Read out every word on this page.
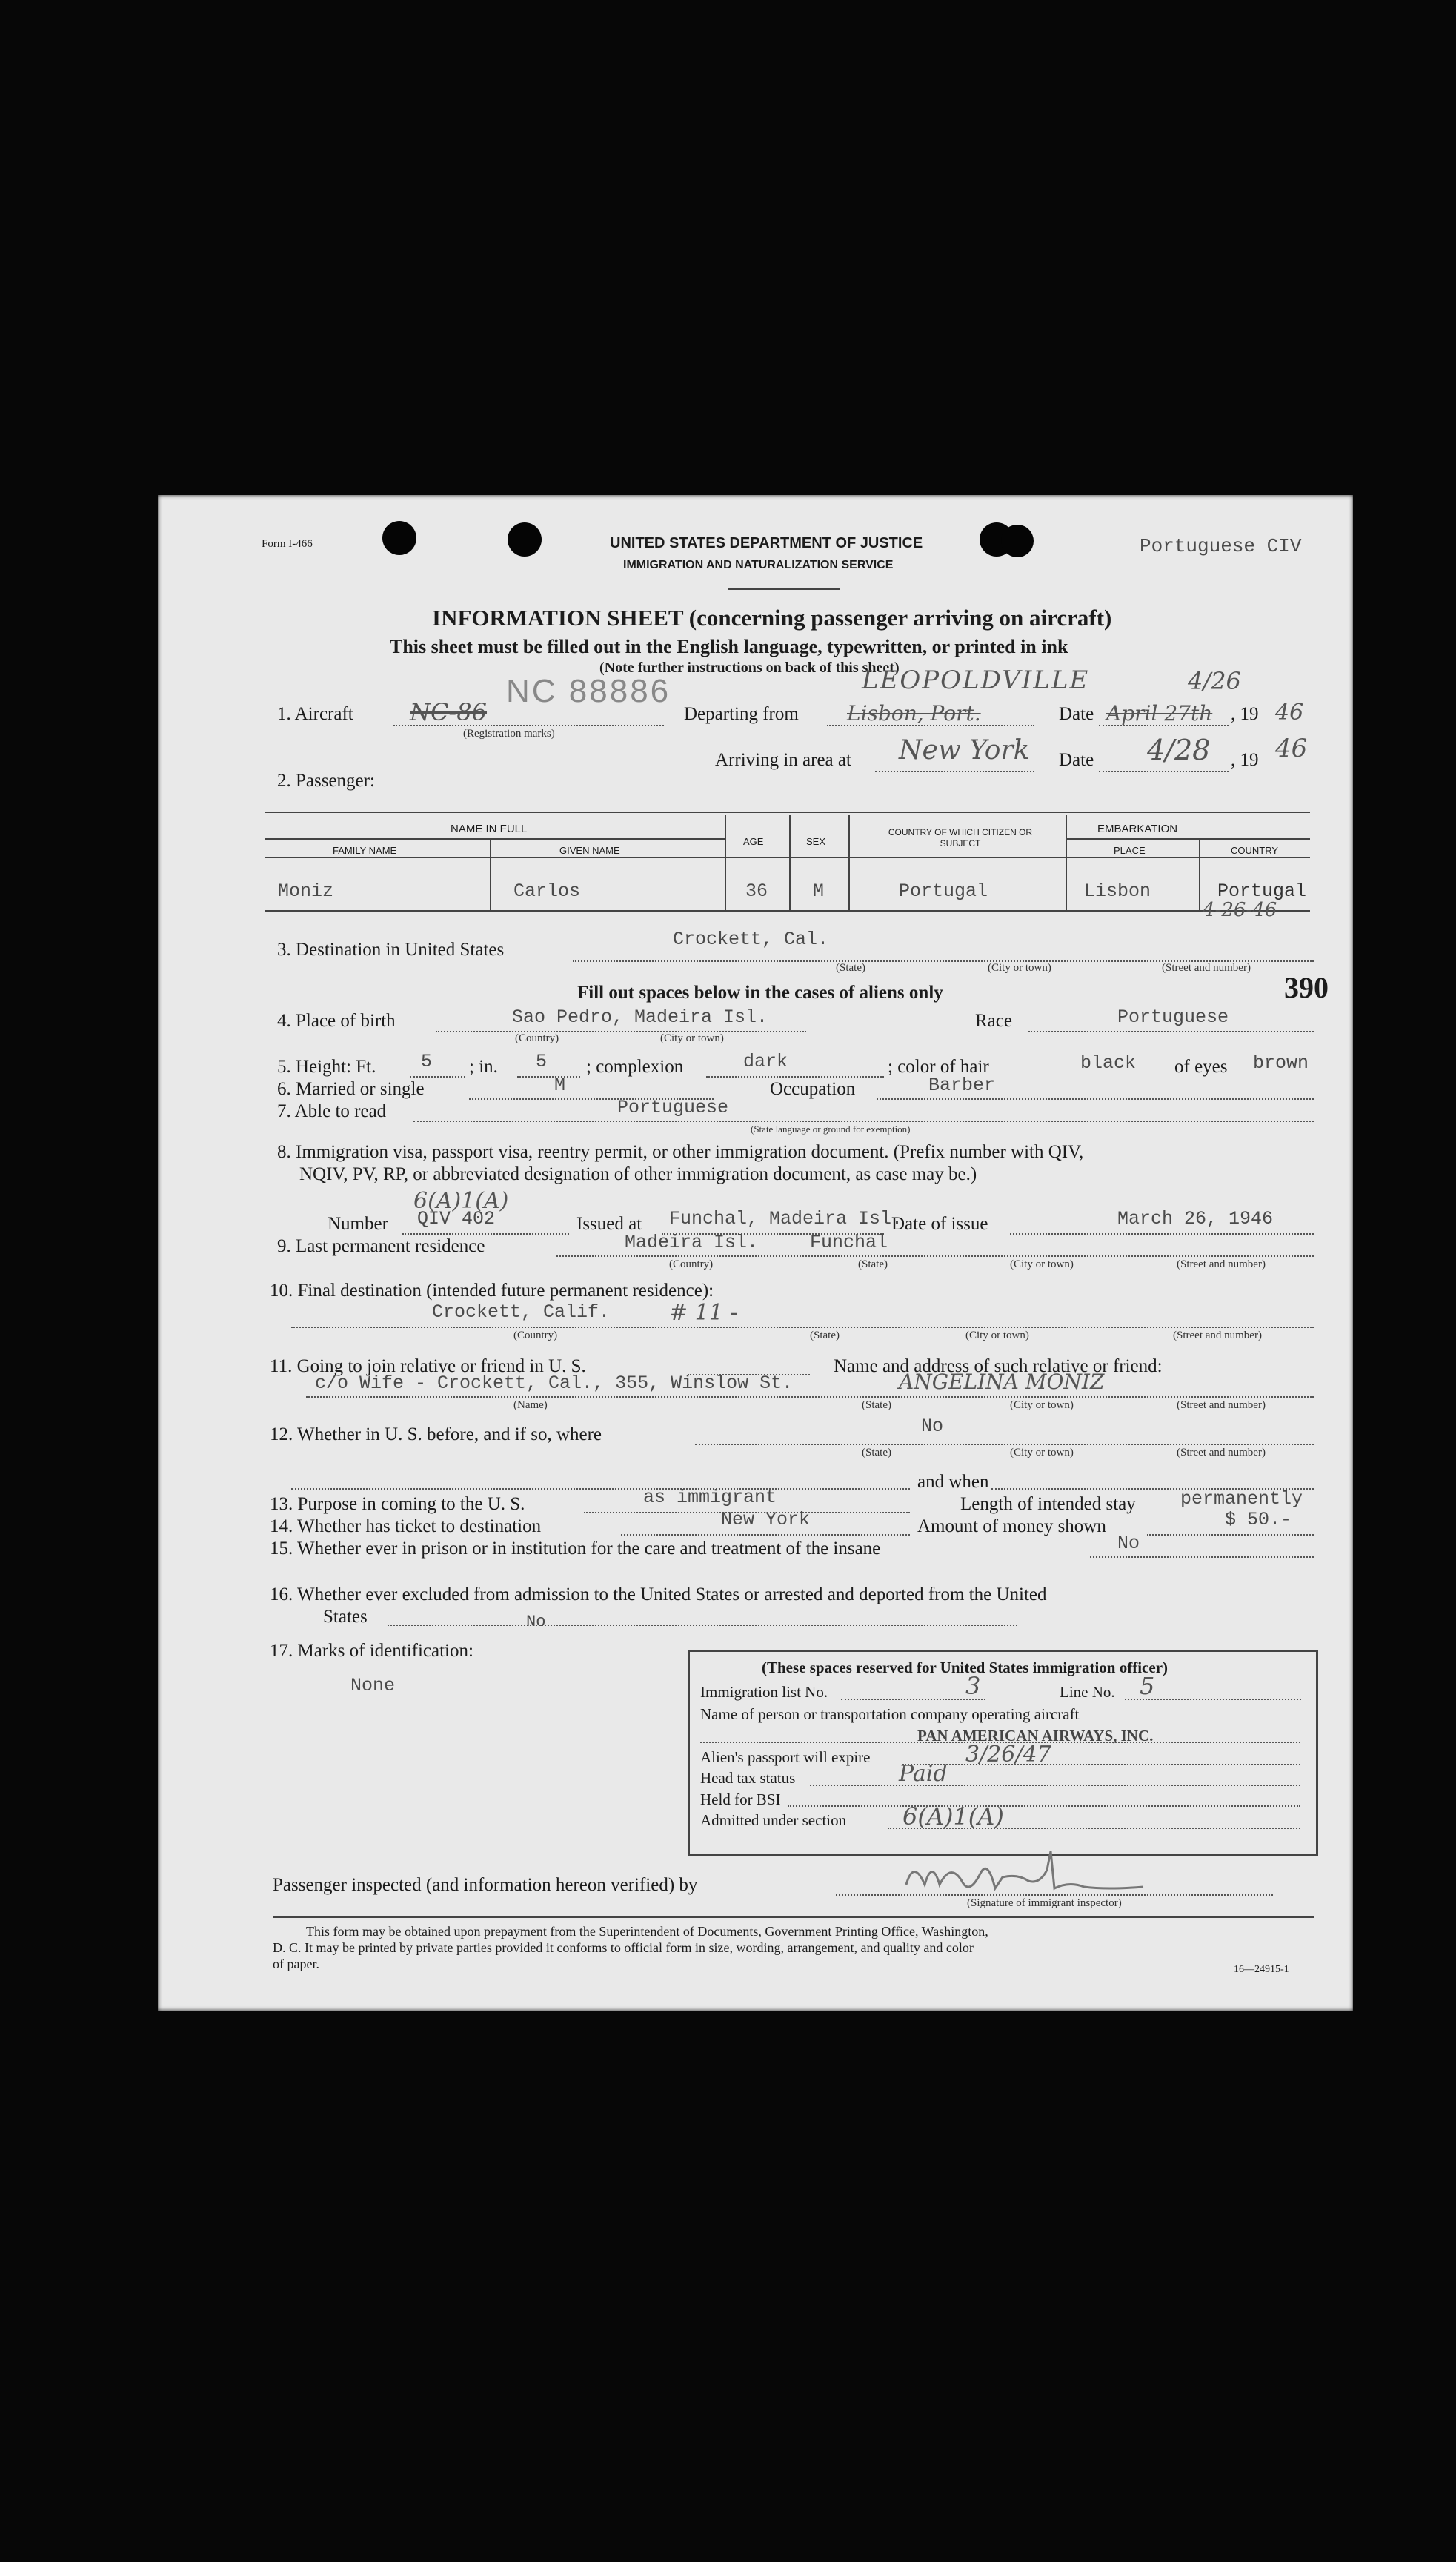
Form I-466	UNITED STATES DEPARTMENT OF JUSTICE
IMMIGRATION AND NATURALIZATION SERVICE
Portuguese CIV
INFORMATION SHEET (concerning passenger arriving on aircraft)
This sheet must be filled out in the English language, typewritten, or printed in ink
(Note further instructions on back of this sheet)
1. Aircraft NC-86
NC 88886
(Registration marks)
Departing from Lisbon, Port.
LEOPOLDVILLE
Date April 27th
4/26
, 19 46
Arriving in area at New York Date 4/28 , 19 46
2. Passenger:
NAME IN FULL
FAMILY NAME	GIVEN NAME
AGE	SEX
COUNTRY OF WHICH CITIZEN OR SUBJECT
EMBARKATION
PLACE	COUNTRY
Moniz	Carlos	36 M	Portugal	Lisbon	Portugal
4-26-46
3. Destination in United States	Crockett, Cal.
(State)	(City or town)	(Street and number)
Fill out spaces below in the cases of aliens only	390
4. Place of birth	Sao Pedro, Madeira Isl.
(Country)	(City or town)
Race	Portuguese
5. Height: Ft. 5 ; in. 5 ; complexion	dark	; color of hair	black of eyes brown
6. Married or single	M	Occupation	Barber
7. Able to read	Portuguese
(State language or ground for exemption)
8. Immigration visa, passport visa, reentry permit, or other immigration document. (Prefix number with QIV,
NQIV, PV, RP, or abbreviated designation of other immigration document, as case may be.)
6(A)1(A)
Number QIV 402	Issued at Funchal, Madeira Isl.
Date of issue	March 26, 1946
9. Last permanent residence	Madeira Isl.	Funchal
(Country)	(State)	(City or town)	(Street and number)
10. Final destination (intended future permanent residence):
Crockett, Calif.	# 11 -
(Country)	(State)	(City or town)	(Street and number)
11. Going to join relative or friend in U. S.	Name and address of such relative or friend:
c/o Wife - Crockett, Cal., 355, Winslow St.	ANGELINA MONIZ
(Name)	(State)	(City or town)	(Street and number)
12. Whether in U. S. before, and if so, where	No
(State)	(City or town)	(Street and number)
and when
13. Purpose in coming to the U. S.	as immigrant	Length of intended stay permanently
14. Whether has ticket to destination	New York	Amount of money shown	$ 50.-
15. Whether ever in prison or in institution for the care and treatment of the insane	No
16. Whether ever excluded from admission to the United States or arrested and deported from the United
States	No
17. Marks of identification:
None
(These spaces reserved for United States immigration officer)
Immigration list No.	3	Line No. 5
Name of person or transportation company operating aircraft
PAN AMERICAN AIRWAYS, INC.
Alien's passport will expire	3/26/47
Head tax status	Paid
Held for BSI
Admitted under section 6(A)1(A)
Passenger inspected (and information hereon verified) by
(Signature of immigrant inspector)
This form may be obtained upon prepayment from the Superintendent of Documents, Government Printing Office, Washington,
D. C. It may be printed by private parties provided it conforms to official form in size, wording, arrangement, and quality and color
of paper.	16—24915-1
